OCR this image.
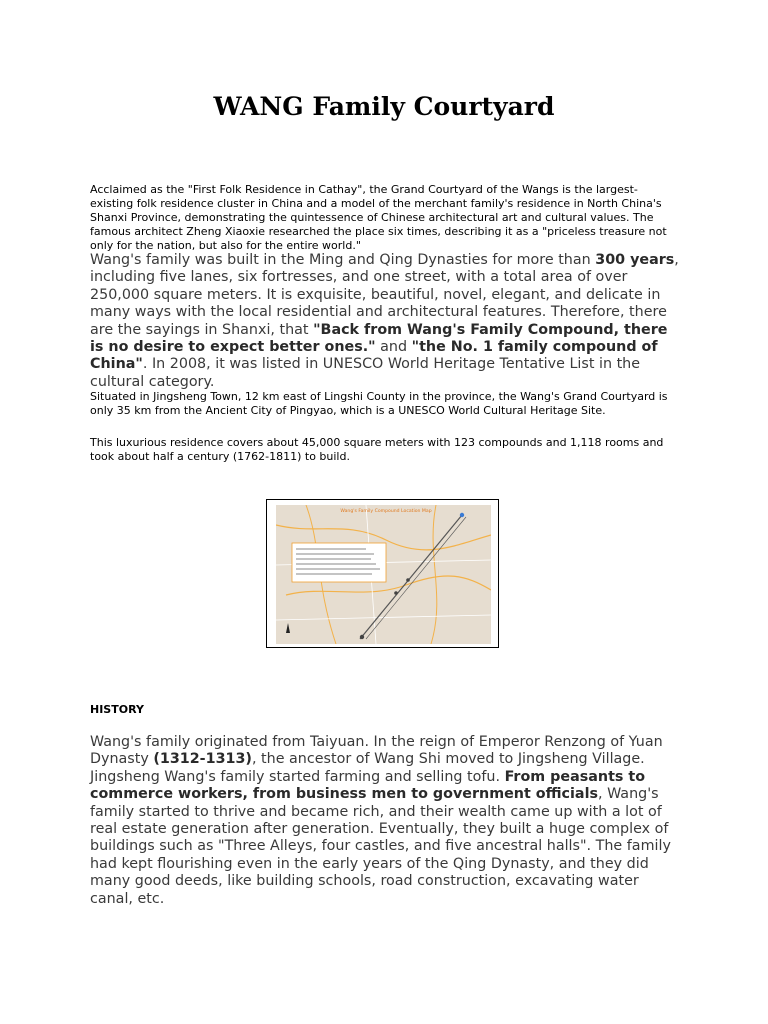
WANG Family Courtyard

Acclaimed as the "First Folk Residence in Cathay", the Grand Courtyard of the Wangs is the largest-existing folk residence cluster in China and a model of the merchant family's residence in North China's Shanxi Province, demonstrating the quintessence of Chinese architectural art and cultural values. The famous architect Zheng Xiaoxie researched the place six times, describing it as a "priceless treasure not only for the nation, but also for the entire world."

Wang's family was built in the Ming and Qing Dynasties for more than 300 years, including five lanes, six fortresses, and one street, with a total area of over 250,000 square meters. It is exquisite, beautiful, novel, elegant, and delicate in many ways with the local residential and architectural features. Therefore, there are the sayings in Shanxi, that "Back from Wang's Family Compound, there is no desire to expect better ones." and "the No. 1 family compound of China". In 2008, it was listed in UNESCO World Heritage Tentative List in the cultural category.

Situated in Jingsheng Town, 12 km east of Lingshi County in the province, the Wang's Grand Courtyard is only 35 km from the Ancient City of Pingyao, which is a UNESCO World Cultural Heritage Site.

This luxurious residence covers about 45,000 square meters with 123 compounds and 1,118 rooms and took about half a century (1762-1811) to build.

Wang's Family Compound Location Map
HISTORY

Wang's family originated from Taiyuan. In the reign of Emperor Renzong of Yuan Dynasty (1312-1313), the ancestor of Wang Shi moved to Jingsheng Village. Jingsheng Wang's family started farming and selling tofu. From peasants to commerce workers, from business men to government officials, Wang's family started to thrive and became rich, and their wealth came up with a lot of real estate generation after generation. Eventually, they built a huge complex of buildings such as "Three Alleys, four castles, and five ancestral halls". The family had kept flourishing even in the early years of the Qing Dynasty, and they did many good deeds, like building schools, road construction, excavating water canal, etc.
